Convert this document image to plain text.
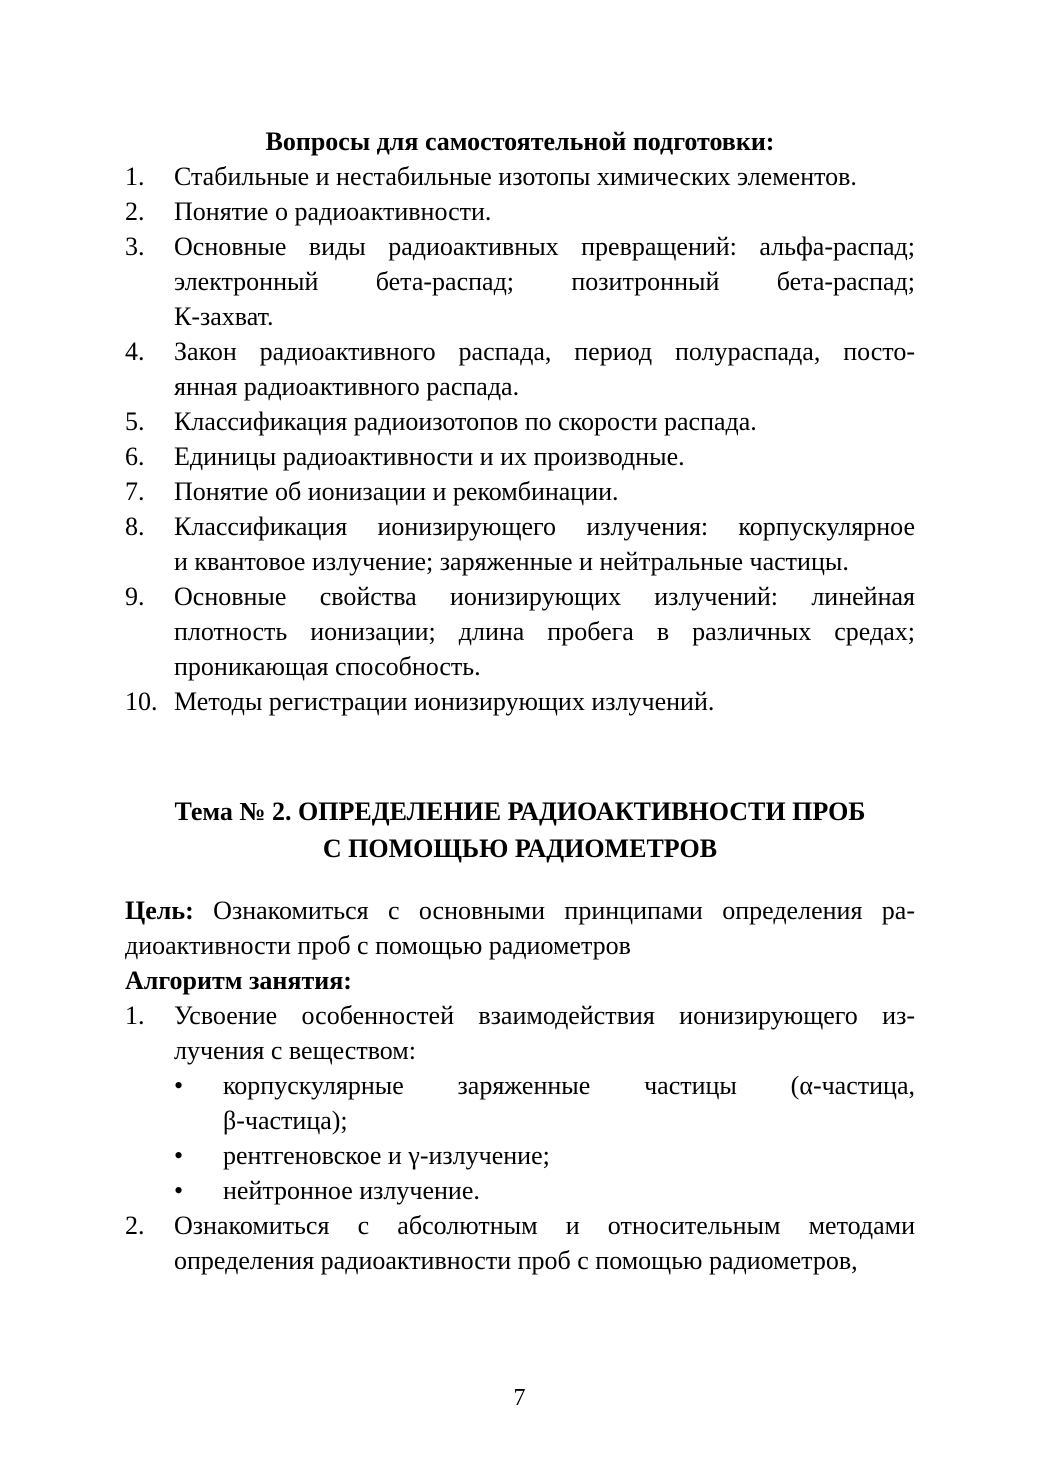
Вопросы для самостоятельной подготовки:

1. Стабильные и нестабильные изотопы химических элементов.
2. Понятие о радиоактивности.
3. Основные виды радиоактивных превращений: альфа-распад; электронный бета-распад; позитронный бета-распад;
К-захват.
4. Закон радиоактивного распада, период полураспада, посто-
янная радиоактивного распада.
5. Классификация радиоизотопов по скорости распада.
6. Единицы радиоактивности и их производные.
7. Понятие об ионизации и рекомбинации.
8. Классификация ионизирующего излучения: корпускулярное
и квантовое излучение; заряженные и нейтральные частицы.
9. Основные свойства ионизирующих излучений: линейная
плотность ионизации; длина пробега в различных средах;
проникающая способность.
10. Методы регистрации ионизирующих излучений.
Тема № 2. ОПРЕДЕЛЕНИЕ РАДИОАКТИВНОСТИ ПРОБ
С ПОМОЩЬЮ РАДИОМЕТРОВ
Цель: Ознакомиться с основными принципами определения ра-
диоактивности проб с помощью радиометров
Алгоритм занятия:
1. Усвоение особенностей взаимодействия ионизирующего из-
лучения с веществом:
• корпускулярные заряженные частицы (α-частица,
β-частица);
• рентгеновское и γ-излучение;
• нейтронное излучение.
2. Ознакомиться с абсолютным и относительным методами
определения радиоактивности проб с помощью радиометров,
7
